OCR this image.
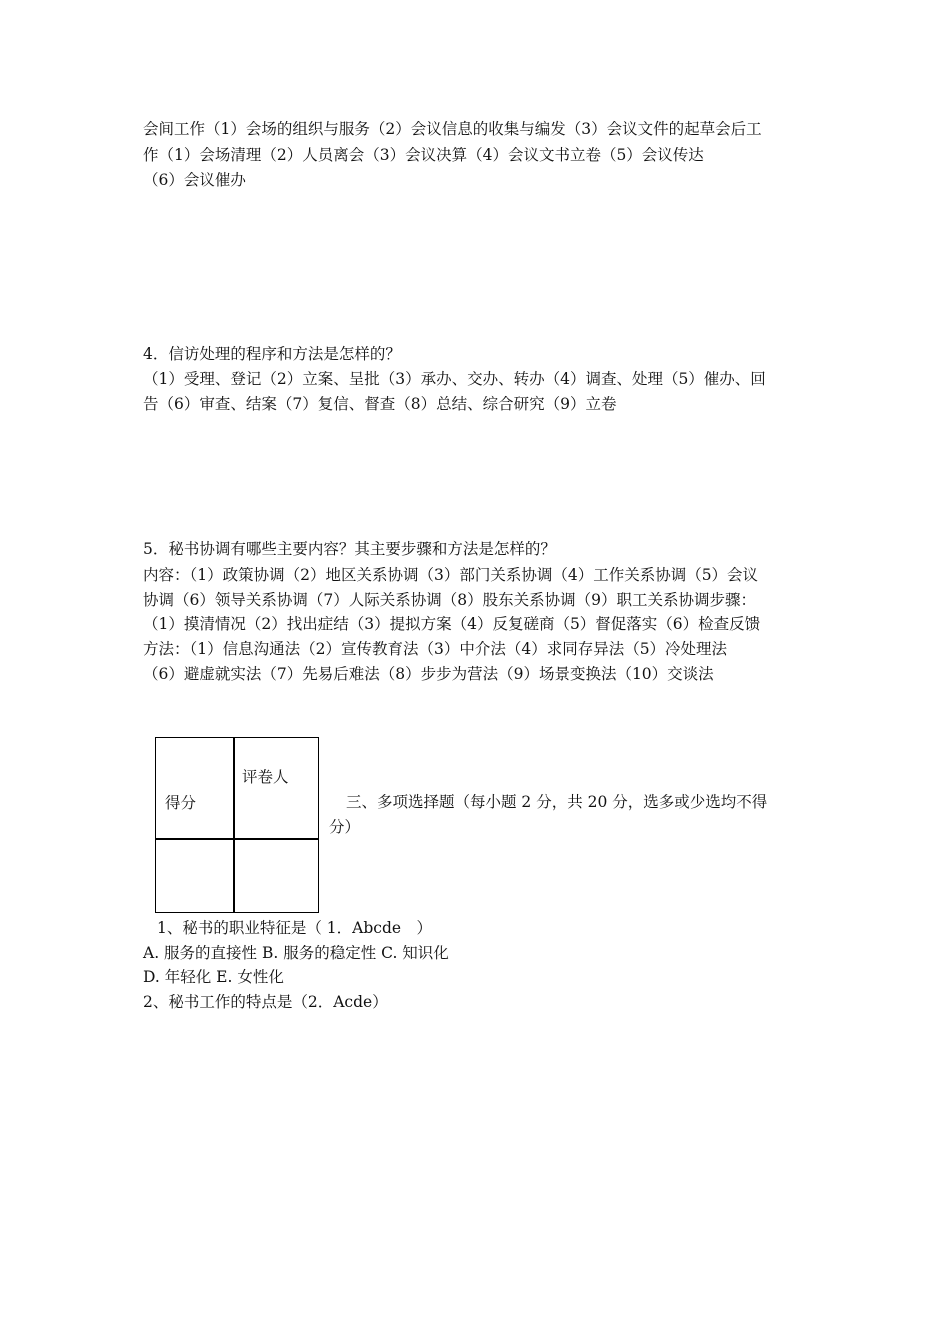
会间工作（1）会场的组织与服务（2）会议信息的收集与编发（3）会议文件的起草会后工
作（1）会场清理（2）人员离会（3）会议决算（4）会议文书立卷（5）会议传达
（6）会议催办
4．信访处理的程序和方法是怎样的？
（1）受理、登记（2）立案、呈批（3）承办、交办、转办（4）调查、处理（5）催办、回
告（6）审查、结案（7）复信、督查（8）总结、综合研究（9）立卷
5．秘书协调有哪些主要内容？其主要步骤和方法是怎样的？
内容：（1）政策协调（2）地区关系协调（3）部门关系协调（4）工作关系协调（5）会议
协调（6）领导关系协调（7）人际关系协调（8）股东关系协调（9）职工关系协调步骤：
（1）摸清情况（2）找出症结（3）提拟方案（4）反复磋商（5）督促落实（6）检查反馈
方法：（1）信息沟通法（2）宣传教育法（3）中介法（4）求同存异法（5）冷处理法
（6）避虚就实法（7）先易后难法（8）步步为营法（9）场景变换法（10）交谈法
得分
评卷人
三、多项选择题（每小题 2 分，共 20 分，选多或少选均不得
分）
1、秘书的职业特征是（ 1．Abcde　）
A. 服务的直接性 B. 服务的稳定性 C. 知识化
D. 年轻化 E. 女性化
2、秘书工作的特点是（2．Acde）
